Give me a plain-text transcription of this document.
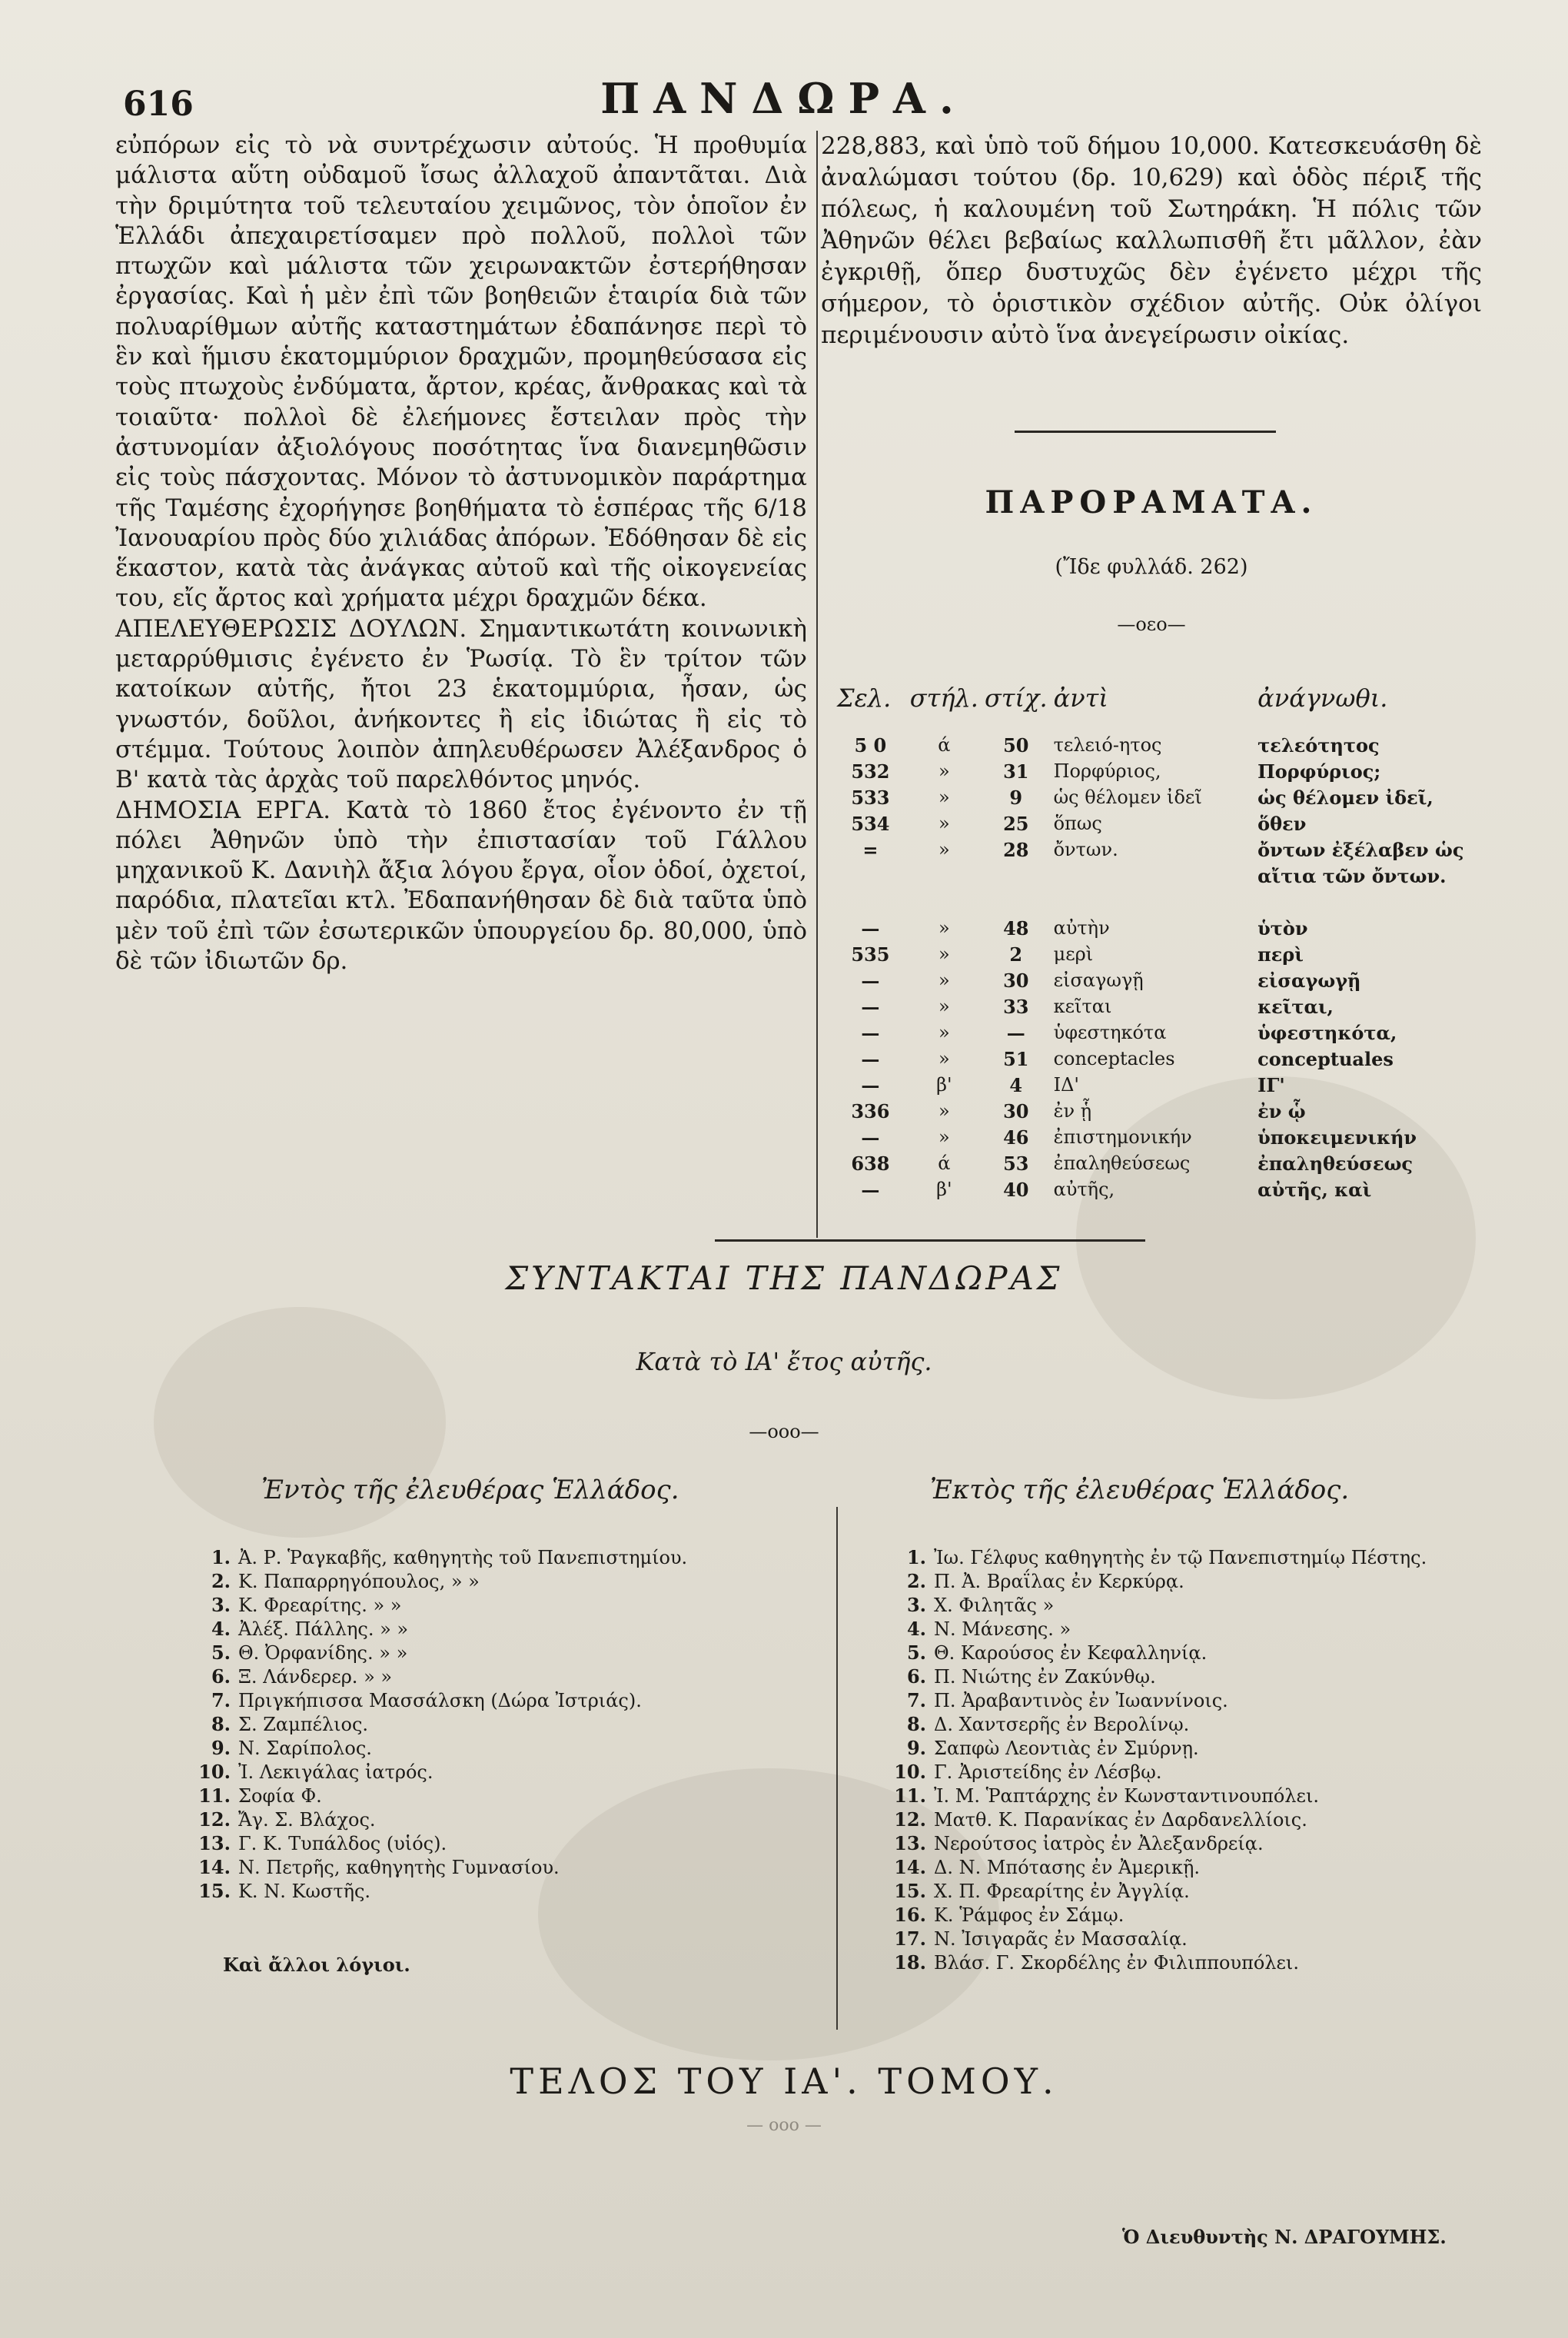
616	ΠΑΝΔΩΡΑ.

εὐπόρων εἰς τὸ νὰ συντρέχωσιν αὐτούς. Ἡ προθυμία μάλιστα αὕτη οὐδαμοῦ ἴσως ἀλλαχοῦ ἀπαντᾶται. Διὰ τὴν δριμύτητα τοῦ τελευταίου χειμῶνος, τὸν ὁποῖον ἐν Ἑλλάδι ἀπεχαιρετίσαμεν πρὸ πολλοῦ, πολλοὶ τῶν πτωχῶν καὶ μάλιστα τῶν χειρωνακτῶν ἐστερήθησαν ἐργασίας. Καὶ ἡ μὲν ἐπὶ τῶν βοηθειῶν ἑταιρία διὰ τῶν πολυαρίθμων αὐτῆς καταστημάτων ἐδαπάνησε περὶ τὸ ἓν καὶ ἥμισυ ἑκατομμύριον δραχμῶν, προμηθεύσασα εἰς τοὺς πτωχοὺς ἐνδύματα, ἄρτον, κρέας, ἄνθρακας καὶ τὰ τοιαῦτα· πολλοὶ δὲ ἐλεήμονες ἔστειλαν πρὸς τὴν ἀστυνομίαν ἀξιολόγους ποσότητας ἵνα διανεμηθῶσιν εἰς τοὺς πάσχοντας. Μόνον τὸ ἀστυνομικὸν παράρτημα τῆς Ταμέσης ἐχορήγησε βοηθήματα τὸ ἑσπέρας τῆς 6/18 Ἰανουαρίου πρὸς δύο χιλιάδας ἀπόρων. Ἐδόθησαν δὲ εἰς ἕκαστον, κατὰ τὰς ἀνάγκας αὐτοῦ καὶ τῆς οἰκογενείας του, εἴς ἄρτος καὶ χρήματα μέχρι δραχμῶν δέκα.

ΑΠΕΛΕΥΘΕΡΩΣΙΣ ΔΟΥΛΩΝ. Σημαντικωτάτη κοινωνικὴ μεταρρύθμισις ἐγένετο ἐν Ῥωσίᾳ. Τὸ ἓν τρίτον τῶν κατοίκων αὐτῆς, ἤτοι 23 ἑκατομμύρια, ἦσαν, ὡς γνωστόν, δοῦλοι, ἀνήκοντες ἢ εἰς ἰδιώτας ἢ εἰς τὸ στέμμα. Τούτους λοιπὸν ἀπηλευθέρωσεν Ἀλέξανδρος ὁ Β' κατὰ τὰς ἀρχὰς τοῦ παρελθόντος μηνός.

ΔΗΜΟΣΙΑ ΕΡΓΑ. Κατὰ τὸ 1860 ἔτος ἐγένοντο ἐν τῇ πόλει Ἀθηνῶν ὑπὸ τὴν ἐπιστασίαν τοῦ Γάλλου μηχανικοῦ Κ. Δανιὴλ ἄξια λόγου ἔργα, οἷον ὁδοί, ὀχετοί, παρόδια, πλατεῖαι κτλ. Ἐδαπανήθησαν δὲ διὰ ταῦτα ὑπὸ μὲν τοῦ ἐπὶ τῶν ἐσωτερικῶν ὑπουργείου δρ. 80,000, ὑπὸ δὲ τῶν ἰδιωτῶν δρ.

228,883, καὶ ὑπὸ τοῦ δήμου 10,000. Κατεσκευάσθη δὲ ἀναλώμασι τούτου (δρ. 10,629) καὶ ὁδὸς πέριξ τῆς πόλεως, ἡ καλουμένη τοῦ Σωτηράκη. Ἡ πόλις τῶν Ἀθηνῶν θέλει βεβαίως καλλωπισθῆ ἔτι μᾶλλον, ἐὰν ἐγκριθῇ, ὅπερ δυστυχῶς δὲν ἐγένετο μέχρι τῆς σήμερον, τὸ ὁριστικὸν σχέδιον αὐτῆς. Οὐκ ὀλίγοι περιμένουσιν αὐτὸ ἵνα ἀνεγείρωσιν οἰκίας.

ΠΑΡΟΡΑΜΑΤΑ.
(Ἴδε φυλλάδ. 262)
—οεο—
Σελ.	στήλ.	στίχ.	ἀντὶ	ἀνάγνωθι.
5 0	ά	50	τελειό-ητος	τελεότητος
532	»	31	Πορφύριος,	Πορφύριος;
533	»	9	ὡς θέλομεν ἰδεῖ	ὡς θέλομεν ἰδεῖ,
534	»	25	ὅπως	ὅθεν
=	»	28	ὄντων.	ὄντων ἐξέλαβεν ὡς
				αἴτια τῶν ὄντων.

—	»	48	αὐτὴν	ὑτὸν
535	»	2	μερὶ	περὶ
—	»	30	εἰσαγωγῇ	εἰσαγωγῇ
—	»	33	κεῖται	κεῖται,
—	»	—	ὑφεστηκότα	ὑφεστηκότα,
—	»	51	conceptacles	conceptuales
—	β'	4	ΙΔ'	ΙΓ'
336	»	30	ἐν ᾗ	ἐν ᾧ
—	»	46	ἐπιστημονικήν	ὑποκειμενικήν
638	ά	53	ἐπαληθεύσεως	ἐπαληθεύσεως
—	β'	40	αὐτῆς,	αὐτῆς, καὶ
ΣΥΝΤΑΚΤΑΙ ΤΗΣ ΠΑΝΔΩΡΑΣ
Κατὰ τὸ ΙΑ' ἔτος αὐτῆς.
—οοο—
Ἐντὸς τῆς ἐλευθέρας Ἑλλάδος.	Ἐκτὸς τῆς ἐλευθέρας Ἑλλάδος.
1. Ἀ. Ρ. Ῥαγκαβῆς, καθηγητὴς τοῦ Πανεπιστημίου.
2. Κ. Παπαρρηγόπουλος, » »
3. Κ. Φρεαρίτης. » »
4. Ἀλέξ. Πάλλης. » »
5. Θ. Ὀρφανίδης. » »
6. Ξ. Λάνδερερ. » »
7. Πριγκήπισσα Μασσάλσκη (Δώρα Ἰστριάς).
8. Σ. Ζαμπέλιος.
9. Ν. Σαρίπολος.
10. Ἰ. Λεκιγάλας ἰατρός.
11. Σοφία Φ.
12. Ἄγ. Σ. Βλάχος.
13. Γ. Κ. Τυπάλδος (υἱός).
14. Ν. Πετρῆς, καθηγητὴς Γυμνασίου.
15. Κ. Ν. Κωστῆς.
Καὶ ἄλλοι λόγιοι.
1. Ἰω. Γέλφυς καθηγητὴς ἐν τῷ Πανεπιστημίῳ Πέστης.
2. Π. Ἀ. Βραΐλας ἐν Κερκύρᾳ.
3. Χ. Φιλητᾶς »
4. Ν. Μάνεσης. »
5. Θ. Καρούσος ἐν Κεφαλληνίᾳ.
6. Π. Νιώτης ἐν Ζακύνθῳ.
7. Π. Ἀραβαντινὸς ἐν Ἰωαννίνοις.
8. Δ. Χαντσερῆς ἐν Βερολίνῳ.
9. Σαπφὼ Λεοντιὰς ἐν Σμύρνῃ.
10. Γ. Ἀριστείδης ἐν Λέσβῳ.
11. Ἰ. Μ. Ῥαπτάρχης ἐν Κωνσταντινουπόλει.
12. Ματθ. Κ. Παρανίκας ἐν Δαρδανελλίοις.
13. Νερούτσος ἰατρὸς ἐν Ἀλεξανδρείᾳ.
14. Δ. Ν. Μπότασης ἐν Ἀμερικῇ.
15. Χ. Π. Φρεαρίτης ἐν Ἀγγλίᾳ.
16. Κ. Ῥάμφος ἐν Σάμῳ.
17. Ν. Ἰσιγαρᾶς ἐν Μασσαλίᾳ.
18. Βλάσ. Γ. Σκορδέλης ἐν Φιλιππουπόλει.
ΤΕΛΟΣ ΤΟΥ ΙΑ'. ΤΟΜΟΥ.
— οοο —
Ὁ Διευθυντὴς Ν. ΔΡΑΓΟΥΜΗΣ.
